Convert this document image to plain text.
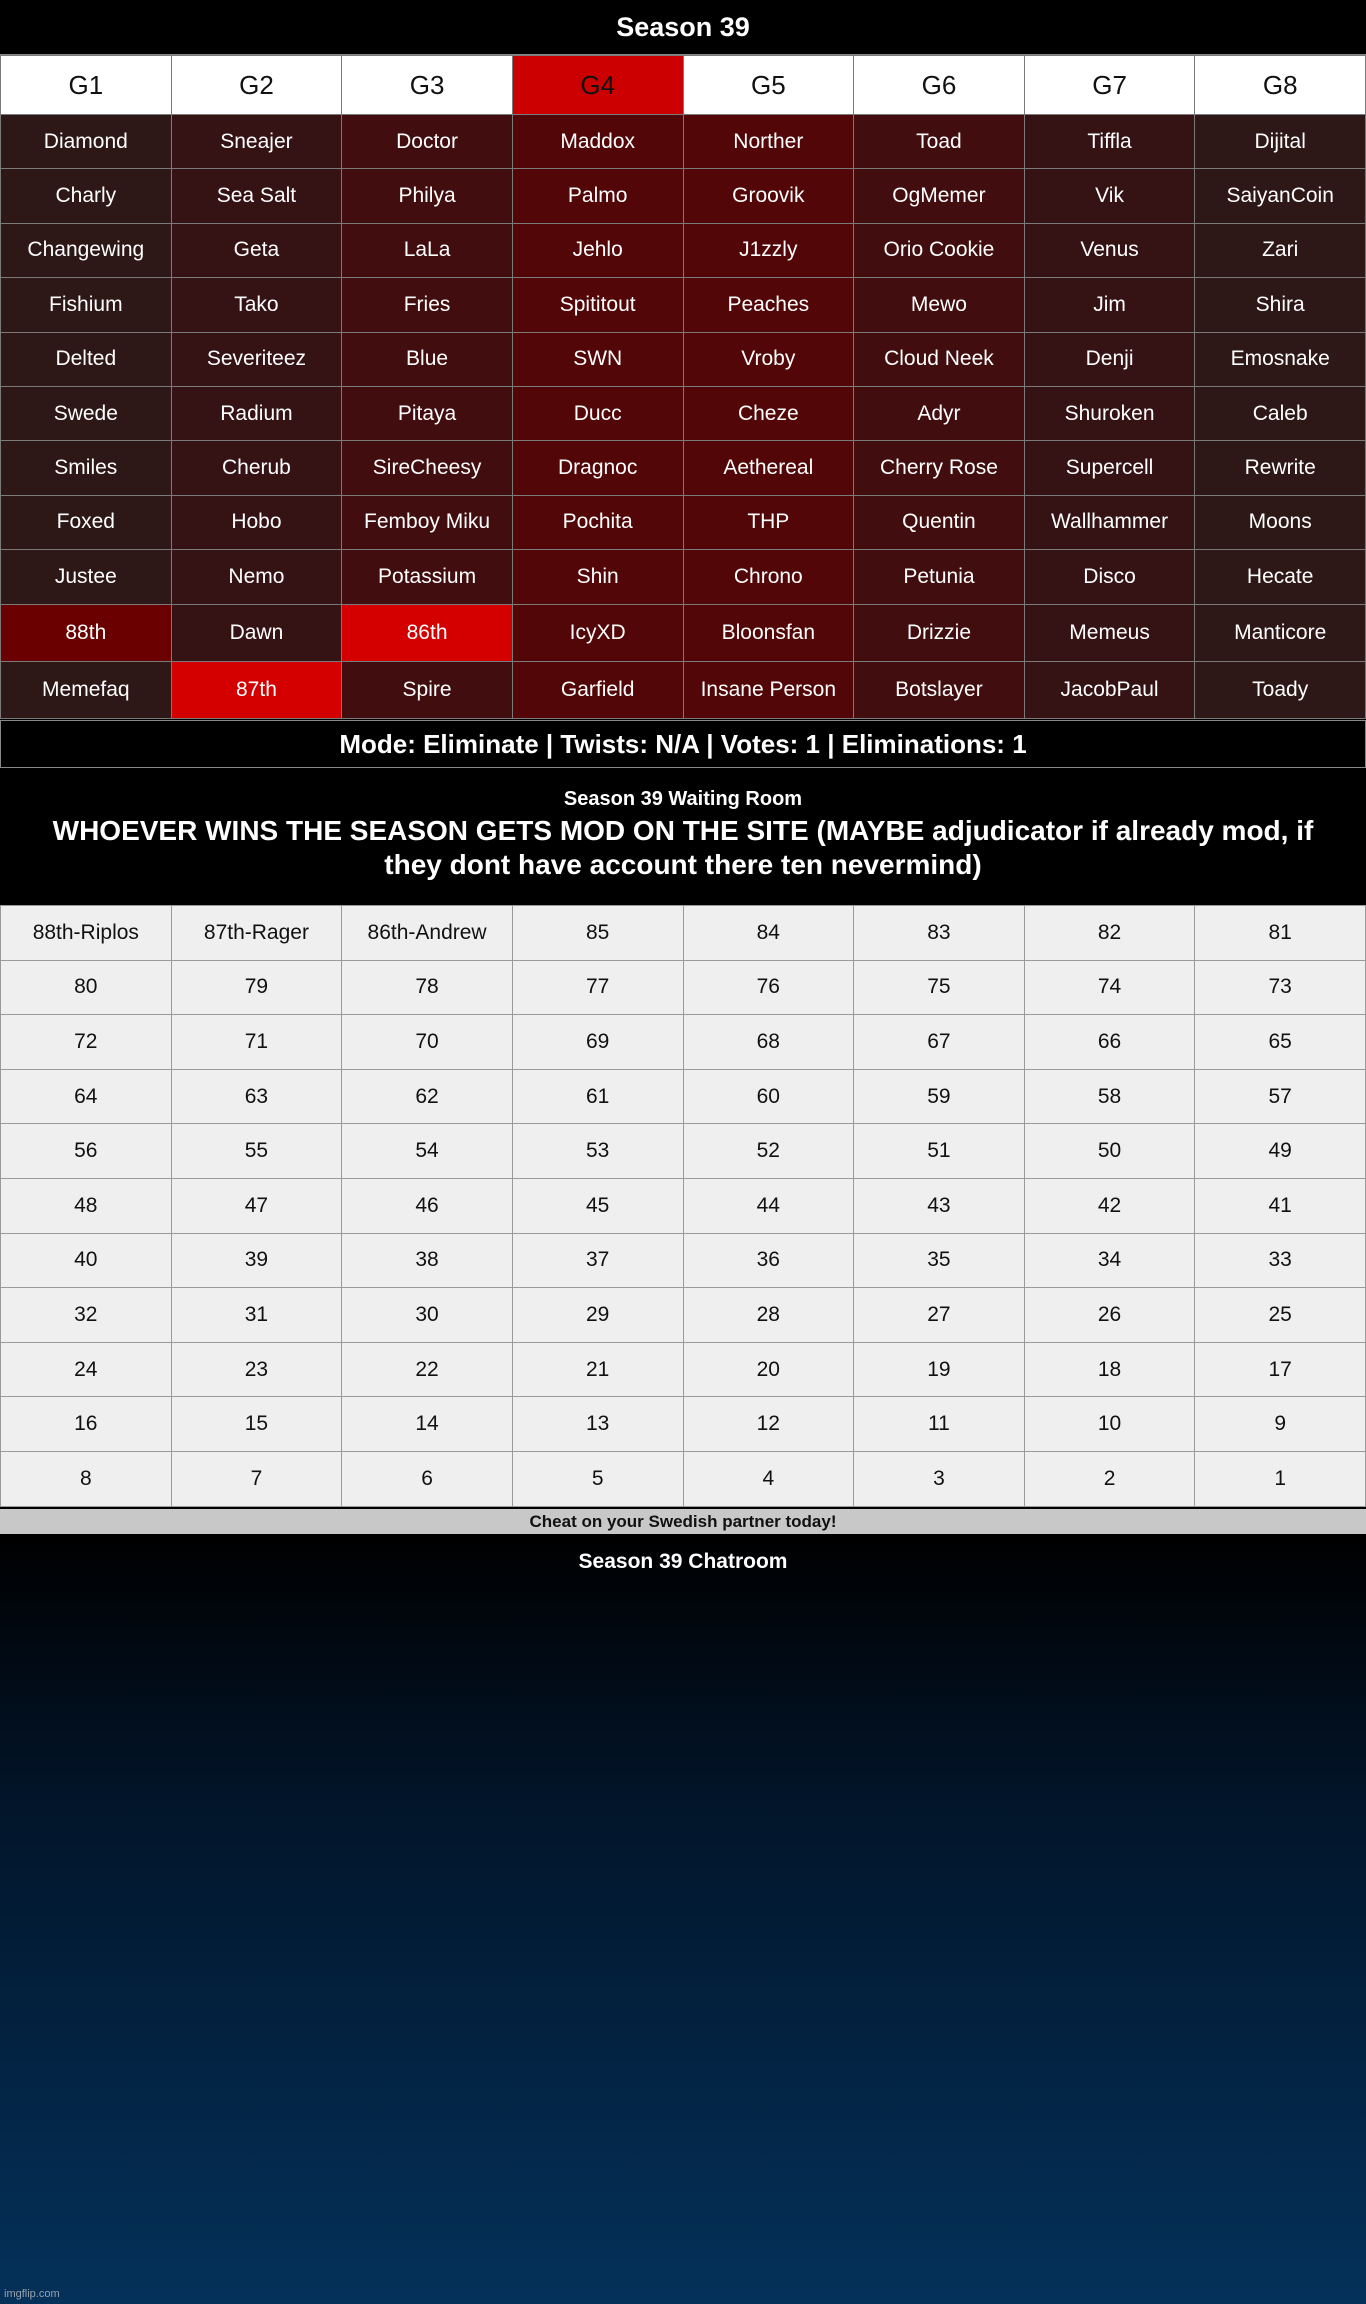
Season 39
G1	G2	G3	G4	G5	G6	G7	G8
Diamond	Sneajer	Doctor	Maddox	Norther	Toad	Tiffla	Dijital
Charly	Sea Salt	Philya	Palmo	Groovik	OgMemer	Vik	SaiyanCoin
Changewing	Geta	LaLa	Jehlo	J1zzly	Orio Cookie	Venus	Zari
Fishium	Tako	Fries	Spititout	Peaches	Mewo	Jim	Shira
Delted	Severiteez	Blue	SWN	Vroby	Cloud Neek	Denji	Emosnake
Swede	Radium	Pitaya	Ducc	Cheze	Adyr	Shuroken	Caleb
Smiles	Cherub	SireCheesy	Dragnoc	Aethereal	Cherry Rose	Supercell	Rewrite
Foxed	Hobo	Femboy Miku	Pochita	THP	Quentin	Wallhammer	Moons
Justee	Nemo	Potassium	Shin	Chrono	Petunia	Disco	Hecate
88th	Dawn	86th	IcyXD	Bloonsfan	Drizzie	Memeus	Manticore
Memefaq	87th	Spire	Garfield	Insane Person	Botslayer	JacobPaul	Toady
Mode: Eliminate | Twists: N/A | Votes: 1 | Eliminations: 1
Season 39 Waiting Room
WHOEVER WINS THE SEASON GETS MOD ON THE SITE (MAYBE adjudicator if already mod, if they dont have account there ten nevermind)
88th-Riplos	87th-Rager	86th-Andrew	85	84	83	82	81
80	79	78	77	76	75	74	73
72	71	70	69	68	67	66	65
64	63	62	61	60	59	58	57
56	55	54	53	52	51	50	49
48	47	46	45	44	43	42	41
40	39	38	37	36	35	34	33
32	31	30	29	28	27	26	25
24	23	22	21	20	19	18	17
16	15	14	13	12	11	10	9
8	7	6	5	4	3	2	1
Cheat on your Swedish partner today!
Season 39 Chatroom
imgflip.com
